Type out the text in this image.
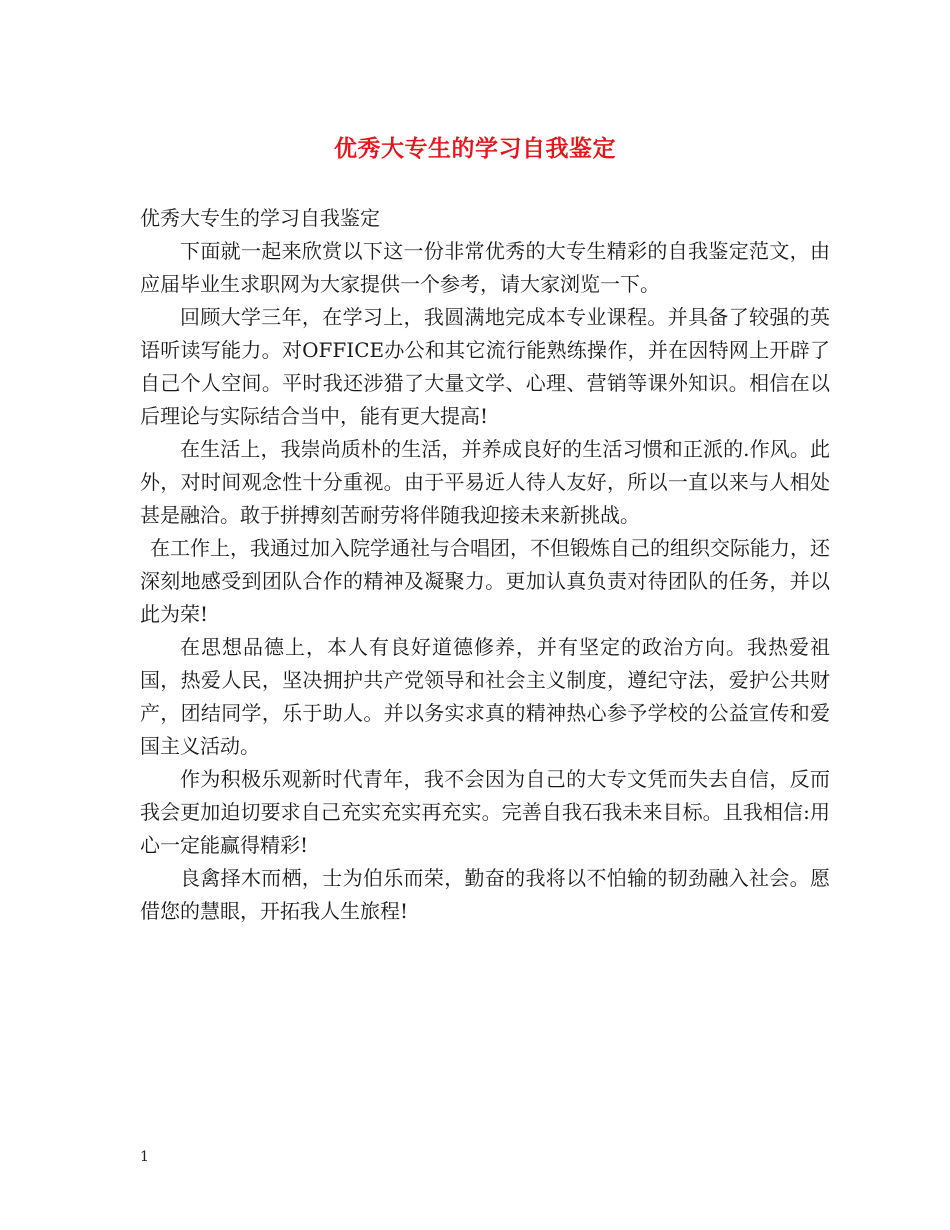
优秀大专生的学习自我鉴定

优秀大专生的学习自我鉴定

下面就一起来欣赏以下这一份非常优秀的大专生精彩的自我鉴定范文，由应届毕业生求职网为大家提供一个参考，请大家浏览一下。

回顾大学三年，在学习上，我圆满地完成本专业课程。并具备了较强的英语听读写能力。对OFFICE办公和其它流行能熟练操作，并在因特网上开辟了自己个人空间。平时我还涉猎了大量文学、心理、营销等课外知识。相信在以后理论与实际结合当中，能有更大提高!

在生活上，我崇尚质朴的生活，并养成良好的生活习惯和正派的.作风。此外，对时间观念性十分重视。由于平易近人待人友好，所以一直以来与人相处甚是融洽。敢于拼搏刻苦耐劳将伴随我迎接未来新挑战。

在工作上，我通过加入院学通社与合唱团，不但锻炼自己的组织交际能力，还深刻地感受到团队合作的精神及凝聚力。更加认真负责对待团队的任务，并以此为荣!

在思想品德上，本人有良好道德修养，并有坚定的政治方向。我热爱祖国，热爱人民，坚决拥护共产党领导和社会主义制度，遵纪守法，爱护公共财产，团结同学，乐于助人。并以务实求真的精神热心参予学校的公益宣传和爱国主义活动。

作为积极乐观新时代青年，我不会因为自己的大专文凭而失去自信，反而我会更加迫切要求自己充实充实再充实。完善自我石我未来目标。且我相信:用心一定能赢得精彩!

良禽择木而栖，士为伯乐而荣，勤奋的我将以不怕输的韧劲融入社会。愿借您的慧眼，开拓我人生旅程!

1
